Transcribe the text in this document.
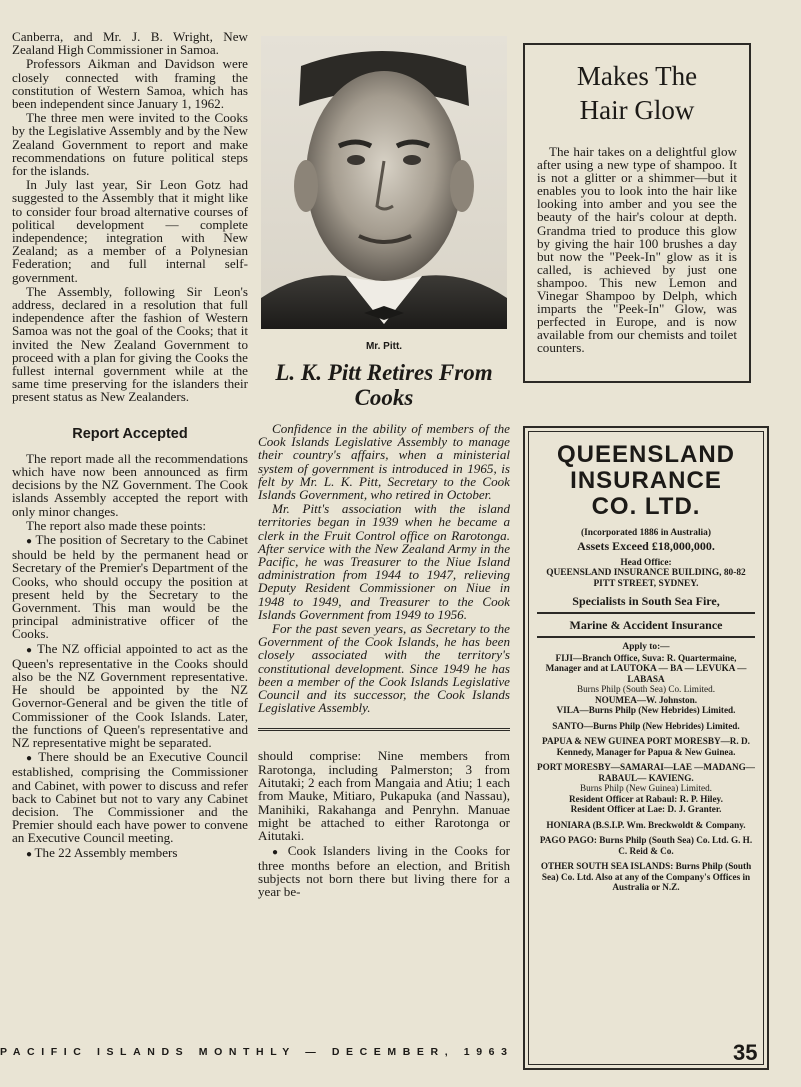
Canberra, and Mr. J. B. Wright, New Zealand High Commissioner in Samoa.

Professors Aikman and Davidson were closely connected with framing the constitution of Western Samoa, which has been independent since January 1, 1962.

The three men were invited to the Cooks by the Legislative Assembly and by the New Zealand Government to report and make recommendations on future political steps for the islands.

In July last year, Sir Leon Gotz had suggested to the Assembly that it might like to consider four broad alternative courses of political development — complete independence; integration with New Zealand; as a member of a Polynesian Federation; and full internal self-government.

The Assembly, following Sir Leon's address, declared in a resolution that full independence after the fashion of Western Samoa was not the goal of the Cooks; that it invited the New Zealand Government to proceed with a plan for giving the Cooks the fullest internal government while at the same time preserving for the islanders their present status as New Zealanders.

Report Accepted

The report made all the recommendations which have now been announced as firm decisions by the NZ Government. The Cook islands Assembly accepted the report with only minor changes.

The report also made these points:

● The position of Secretary to the Cabinet should be held by the permanent head or Secretary of the Premier's Department of the Cooks, who should occupy the position at present held by the Secretary to the Government. This man would be the principal administrative officer of the Cooks.

● The NZ official appointed to act as the Queen's representative in the Cooks should also be the NZ Government representative. He should be appointed by the NZ Governor-General and be given the title of Commissioner of the Cook Islands. Later, the functions of Queen's representative and NZ representative might be separated.

● There should be an Executive Council established, comprising the Commissioner and Cabinet, with power to discuss and refer back to Cabinet but not to vary any Cabinet decision. The Commissioner and the Premier should each have power to convene an Executive Council meeting.

● The 22 Assembly members

Mr. Pitt.
L. K. Pitt Retires From Cooks

Confidence in the ability of members of the Cook Islands Legislative Assembly to manage their country's affairs, when a ministerial system of government is introduced in 1965, is felt by Mr. L. K. Pitt, Secretary to the Cook Islands Government, who retired in October.

Mr. Pitt's association with the island territories began in 1939 when he became a clerk in the Fruit Control office on Rarotonga. After service with the New Zealand Army in the Pacific, he was Treasurer to the Niue Island administration from 1944 to 1947, relieving Deputy Resident Commissioner on Niue in 1948 to 1949, and Treasurer to the Cook Islands Government from 1949 to 1956.

For the past seven years, as Secretary to the Government of the Cook Islands, he has been closely associated with the territory's constitutional development. Since 1949 he has been a member of the Cook Islands Legislative Council and its successor, the Cook Islands Legislative Assembly.

should comprise: Nine members from Rarotonga, including Palmerston; 3 from Aitutaki; 2 each from Mangaia and Atiu; 1 each from Mauke, Mitiaro, Pukapuka (and Nassau), Manihiki, Rakahanga and Penryhn. Manuae might be attached to either Rarotonga or Aitutaki.

● Cook Islanders living in the Cooks for three months before an election, and British subjects not born there but living there for a year be-

Makes The
Hair Glow

The hair takes on a delightful glow after using a new type of shampoo. It is not a glitter or a shimmer—but it enables you to look into the hair like looking into amber and you see the beauty of the hair's colour at depth. Grandma tried to produce this glow by giving the hair 100 brushes a day but now the "Peek-In" glow as it is called, is achieved by just one shampoo. This new Lemon and Vinegar Shampoo by Delph, which imparts the "Peek-In" Glow, was perfected in Europe, and is now available from our chemists and toilet counters.

QUEENSLAND
INSURANCE
CO. LTD.
(Incorporated 1886 in Australia)
Assets Exceed £18,000,000.
Head Office:
QUEENSLAND INSURANCE BUILDING, 80-82 PITT STREET, SYDNEY.
Specialists in South Sea Fire,
Marine & Accident Insurance
Apply to:—

FIJI—Branch Office, Suva: R. Quartermaine, Manager and at LAUTOKA — BA — LEVUKA — LABASA

Burns Philp (South Sea) Co. Limited.

NOUMEA—W. Johnston.

VILA—Burns Philp (New Hebrides) Limited.

SANTO—Burns Philp (New Hebrides) Limited.

PAPUA & NEW GUINEA PORT MORESBY—R. D. Kennedy, Manager for Papua & New Guinea.

PORT MORESBY—SAMARAI—LAE —MADANG—RABAUL— KAVIENG.

Burns Philp (New Guinea) Limited.

Resident Officer at Rabaul: R. P. Hiley.

Resident Officer at Lae: D. J. Granter.

HONIARA (B.S.I.P. Wm. Breckwoldt & Company.

PAGO PAGO: Burns Philp (South Sea) Co. Ltd. G. H. C. Reid & Co.

OTHER SOUTH SEA ISLANDS: Burns Philp (South Sea) Co. Ltd. Also at any of the Company's Offices in Australia or N.Z.

PACIFIC ISLANDS MONTHLY — DECEMBER, 1963	35
